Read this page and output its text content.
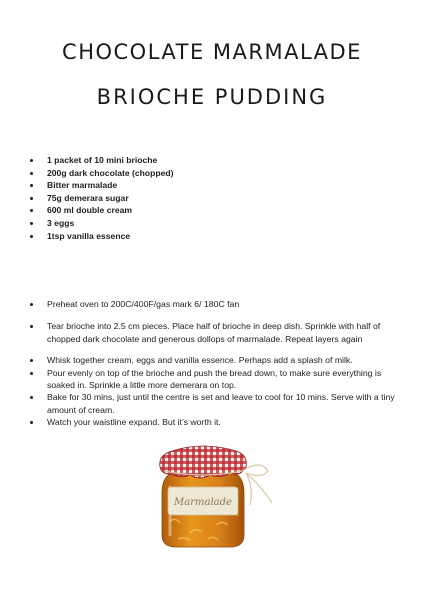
CHOCOLATE MARMALADE
BRIOCHE PUDDING
1 packet of 10 mini brioche
200g dark chocolate (chopped)
Bitter marmalade
75g demerara sugar
600 ml double cream
3 eggs
1tsp vanilla essence
Preheat oven to 200C/400F/gas mark 6/ 180C fan
Tear brioche into 2.5 cm pieces. Place half of brioche in deep dish. Sprinkle with half of chopped dark chocolate and generous dollops of marmalade. Repeat layers again
Whisk together cream, eggs and vanilla essence. Perhaps add a splash of milk.
Pour evenly on top of the brioche and push the bread down, to make sure everything is soaked in. Sprinkle a little more demerara on top.
Bake for 30 mins, just until the centre is set and leave to cool for 10 mins. Serve with a tiny amount of cream.
Watch your waistline expand. But it’s worth it.
Marmalade
